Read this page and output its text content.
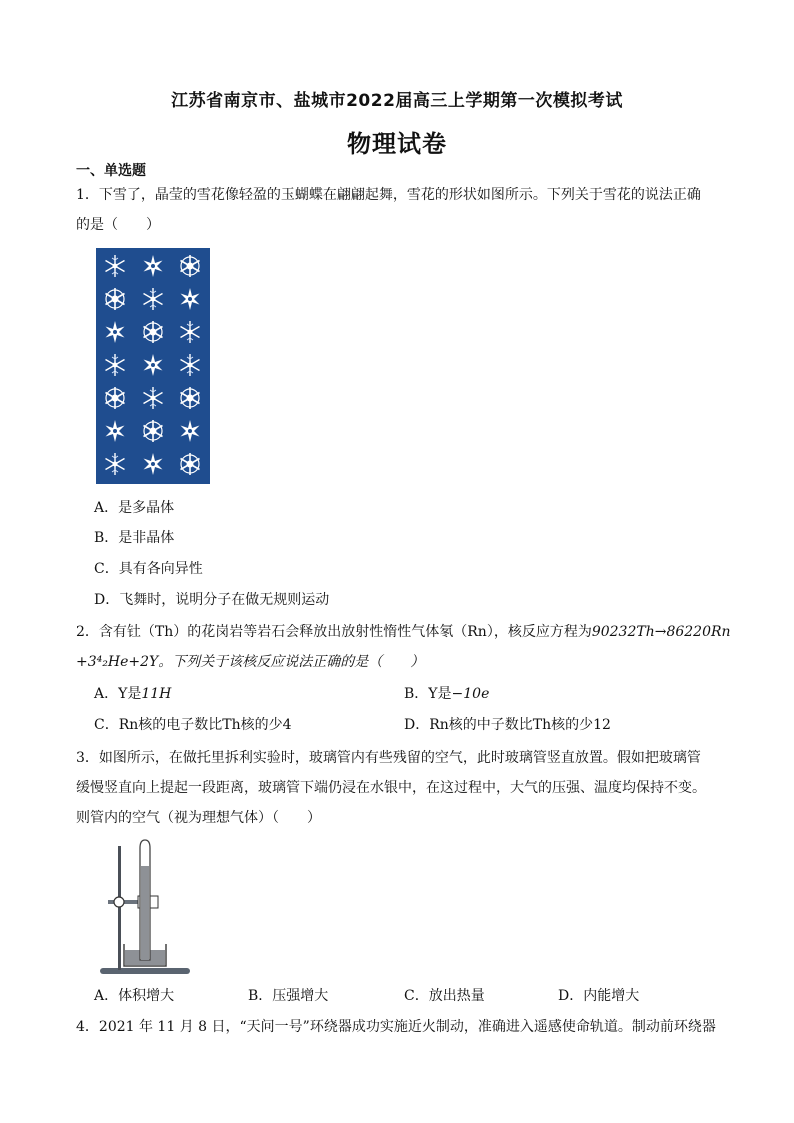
江苏省南京市、盐城市2022届高三上学期第一次模拟考试
物理试卷
一、单选题
1．下雪了，晶莹的雪花像轻盈的玉蝴蝶在翩翩起舞，雪花的形状如图所示。下列关于雪花的说法正确
的是（　　）
A．是多晶体
B．是非晶体
C．具有各向异性
D．飞舞时，说明分子在做无规则运动
2．含有钍（Th）的花岗岩等岩石会释放出放射性惰性气体氡（Rn），核反应方程为90232Th→86220Rn
+3⁴₂He+2Y。下列关于该核反应说法正确的是（　　）
A．Y是11H	B．Y是−10e
C．Rn核的电子数比Th核的少4	D．Rn核的中子数比Th核的少12
3．如图所示，在做托里拆利实验时，玻璃管内有些残留的空气，此时玻璃管竖直放置。假如把玻璃管
缓慢竖直向上提起一段距离，玻璃管下端仍浸在水银中，在这过程中，大气的压强、温度均保持不变。
则管内的空气（视为理想气体）（　　）
A．体积增大	B．压强增大	C．放出热量	D．内能增大
4．2021 年 11 月 8 日，“天问一号”环绕器成功实施近火制动，准确进入遥感使命轨道。制动前环绕器
